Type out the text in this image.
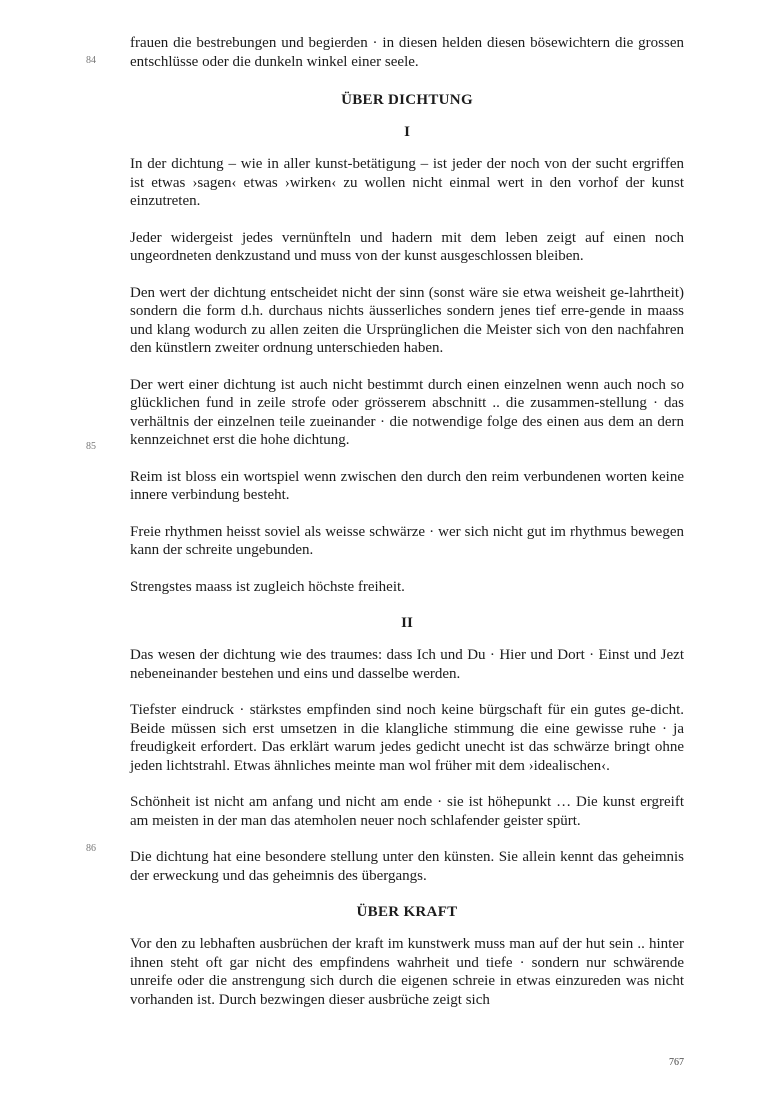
84
85
86

frauen die bestrebungen und begierden · in diesen helden diesen bösewichtern die grossen entschlüsse oder die dunkeln winkel einer seele.

ÜBER DICHTUNG
I

In der dichtung – wie in aller kunst-betätigung – ist jeder der noch von der sucht ergriffen ist etwas ›sagen‹ etwas ›wirken‹ zu wollen nicht einmal wert in den vorhof der kunst einzutreten.

Jeder widergeist jedes vernünfteln und hadern mit dem leben zeigt auf einen noch ungeordneten denkzustand und muss von der kunst ausgeschlossen bleiben.

Den wert der dichtung entscheidet nicht der sinn (sonst wäre sie etwa weisheit ge-lahrtheit) sondern die form d.h. durchaus nichts äusserliches sondern jenes tief erre-gende in maass und klang wodurch zu allen zeiten die Ursprünglichen die Meister sich von den nachfahren den künstlern zweiter ordnung unterschieden haben.

Der wert einer dichtung ist auch nicht bestimmt durch einen einzelnen wenn auch noch so glücklichen fund in zeile strofe oder grösserem abschnitt .. die zusammen-stellung · das verhältnis der einzelnen teile zueinander · die notwendige folge des einen aus dem an dern kennzeichnet erst die hohe dichtung.

Reim ist bloss ein wortspiel wenn zwischen den durch den reim verbundenen worten keine innere verbindung besteht.

Freie rhythmen heisst soviel als weisse schwärze · wer sich nicht gut im rhythmus bewegen kann der schreite ungebunden.

Strengstes maass ist zugleich höchste freiheit.

II

Das wesen der dichtung wie des traumes: dass Ich und Du · Hier und Dort · Einst und Jezt nebeneinander bestehen und eins und dasselbe werden.

Tiefster eindruck · stärkstes empfinden sind noch keine bürgschaft für ein gutes ge-dicht. Beide müssen sich erst umsetzen in die klangliche stimmung die eine gewisse ruhe · ja freudigkeit erfordert. Das erklärt warum jedes gedicht unecht ist das schwärze bringt ohne jeden lichtstrahl. Etwas ähnliches meinte man wol früher mit dem ›idealischen‹.

Schönheit ist nicht am anfang und nicht am ende · sie ist höhepunkt … Die kunst ergreift am meisten in der man das atemholen neuer noch schlafender geister spürt.

Die dichtung hat eine besondere stellung unter den künsten. Sie allein kennt das geheimnis der erweckung und das geheimnis des übergangs.

ÜBER KRAFT

Vor den zu lebhaften ausbrüchen der kraft im kunstwerk muss man auf der hut sein .. hinter ihnen steht oft gar nicht des empfindens wahrheit und tiefe · sondern nur schwärende unreife oder die anstrengung sich durch die eigenen schreie in etwas einzureden was nicht vorhanden ist. Durch bezwingen dieser ausbrüche zeigt sich

767
